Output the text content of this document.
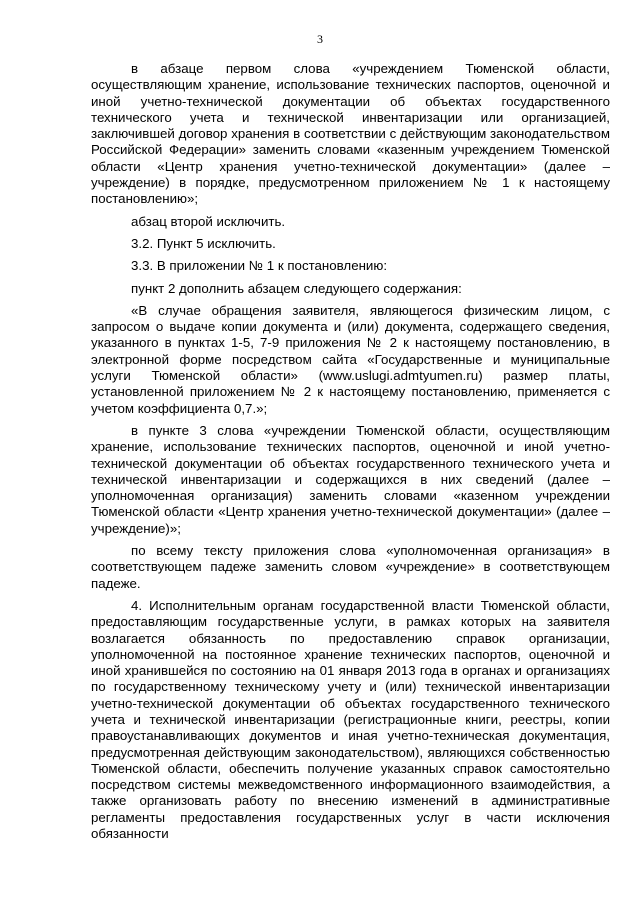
3

в абзаце первом слова «учреждением Тюменской области, осуществляющим хранение, использование технических паспортов, оценочной и иной учетно-технической документации об объектах государственного технического учета и технической инвентаризации или организацией, заключившей договор хранения в соответствии с действующим законодательством Российской Федерации» заменить словами «казенным учреждением Тюменской области «Центр хранения учетно-технической документации» (далее – учреждение) в порядке, предусмотренном приложением № 1 к настоящему постановлению»;

абзац второй исключить.

3.2. Пункт 5 исключить.

3.3. В приложении № 1 к постановлению:

пункт 2 дополнить абзацем следующего содержания:

«В случае обращения заявителя, являющегося физическим лицом, с запросом о выдаче копии документа и (или) документа, содержащего сведения, указанного в пунктах 1-5, 7-9 приложения № 2 к настоящему постановлению, в электронной форме посредством сайта «Государственные и муниципальные услуги Тюменской области» (www.uslugi.admtyumen.ru) размер платы, установленной приложением № 2 к настоящему постановлению, применяется с учетом коэффициента 0,7.»;

в пункте 3 слова «учреждении Тюменской области, осуществляющим хранение, использование технических паспортов, оценочной и иной учетно-технической документации об объектах государственного технического учета и технической инвентаризации и содержащихся в них сведений (далее – уполномоченная организация) заменить словами «казенном учреждении Тюменской области «Центр хранения учетно-технической документации» (далее – учреждение)»;

по всему тексту приложения слова «уполномоченная организация» в соответствующем падеже заменить словом «учреждение» в соответствующем падеже.

4. Исполнительным органам государственной власти Тюменской области, предоставляющим государственные услуги, в рамках которых на заявителя возлагается обязанность по предоставлению справок организации, уполномоченной на постоянное хранение технических паспортов, оценочной и иной хранившейся по состоянию на 01 января 2013 года в органах и организациях по государственному техническому учету и (или) технической инвентаризации учетно-технической документации об объектах государственного технического учета и технической инвентаризации (регистрационные книги, реестры, копии правоустанавливающих документов и иная учетно-техническая документация, предусмотренная действующим законодательством), являющихся собственностью Тюменской области, обеспечить получение указанных справок самостоятельно посредством системы межведомственного информационного взаимодействия, а также организовать работу по внесению изменений в административные регламенты предоставления государственных услуг в части исключения обязанности
